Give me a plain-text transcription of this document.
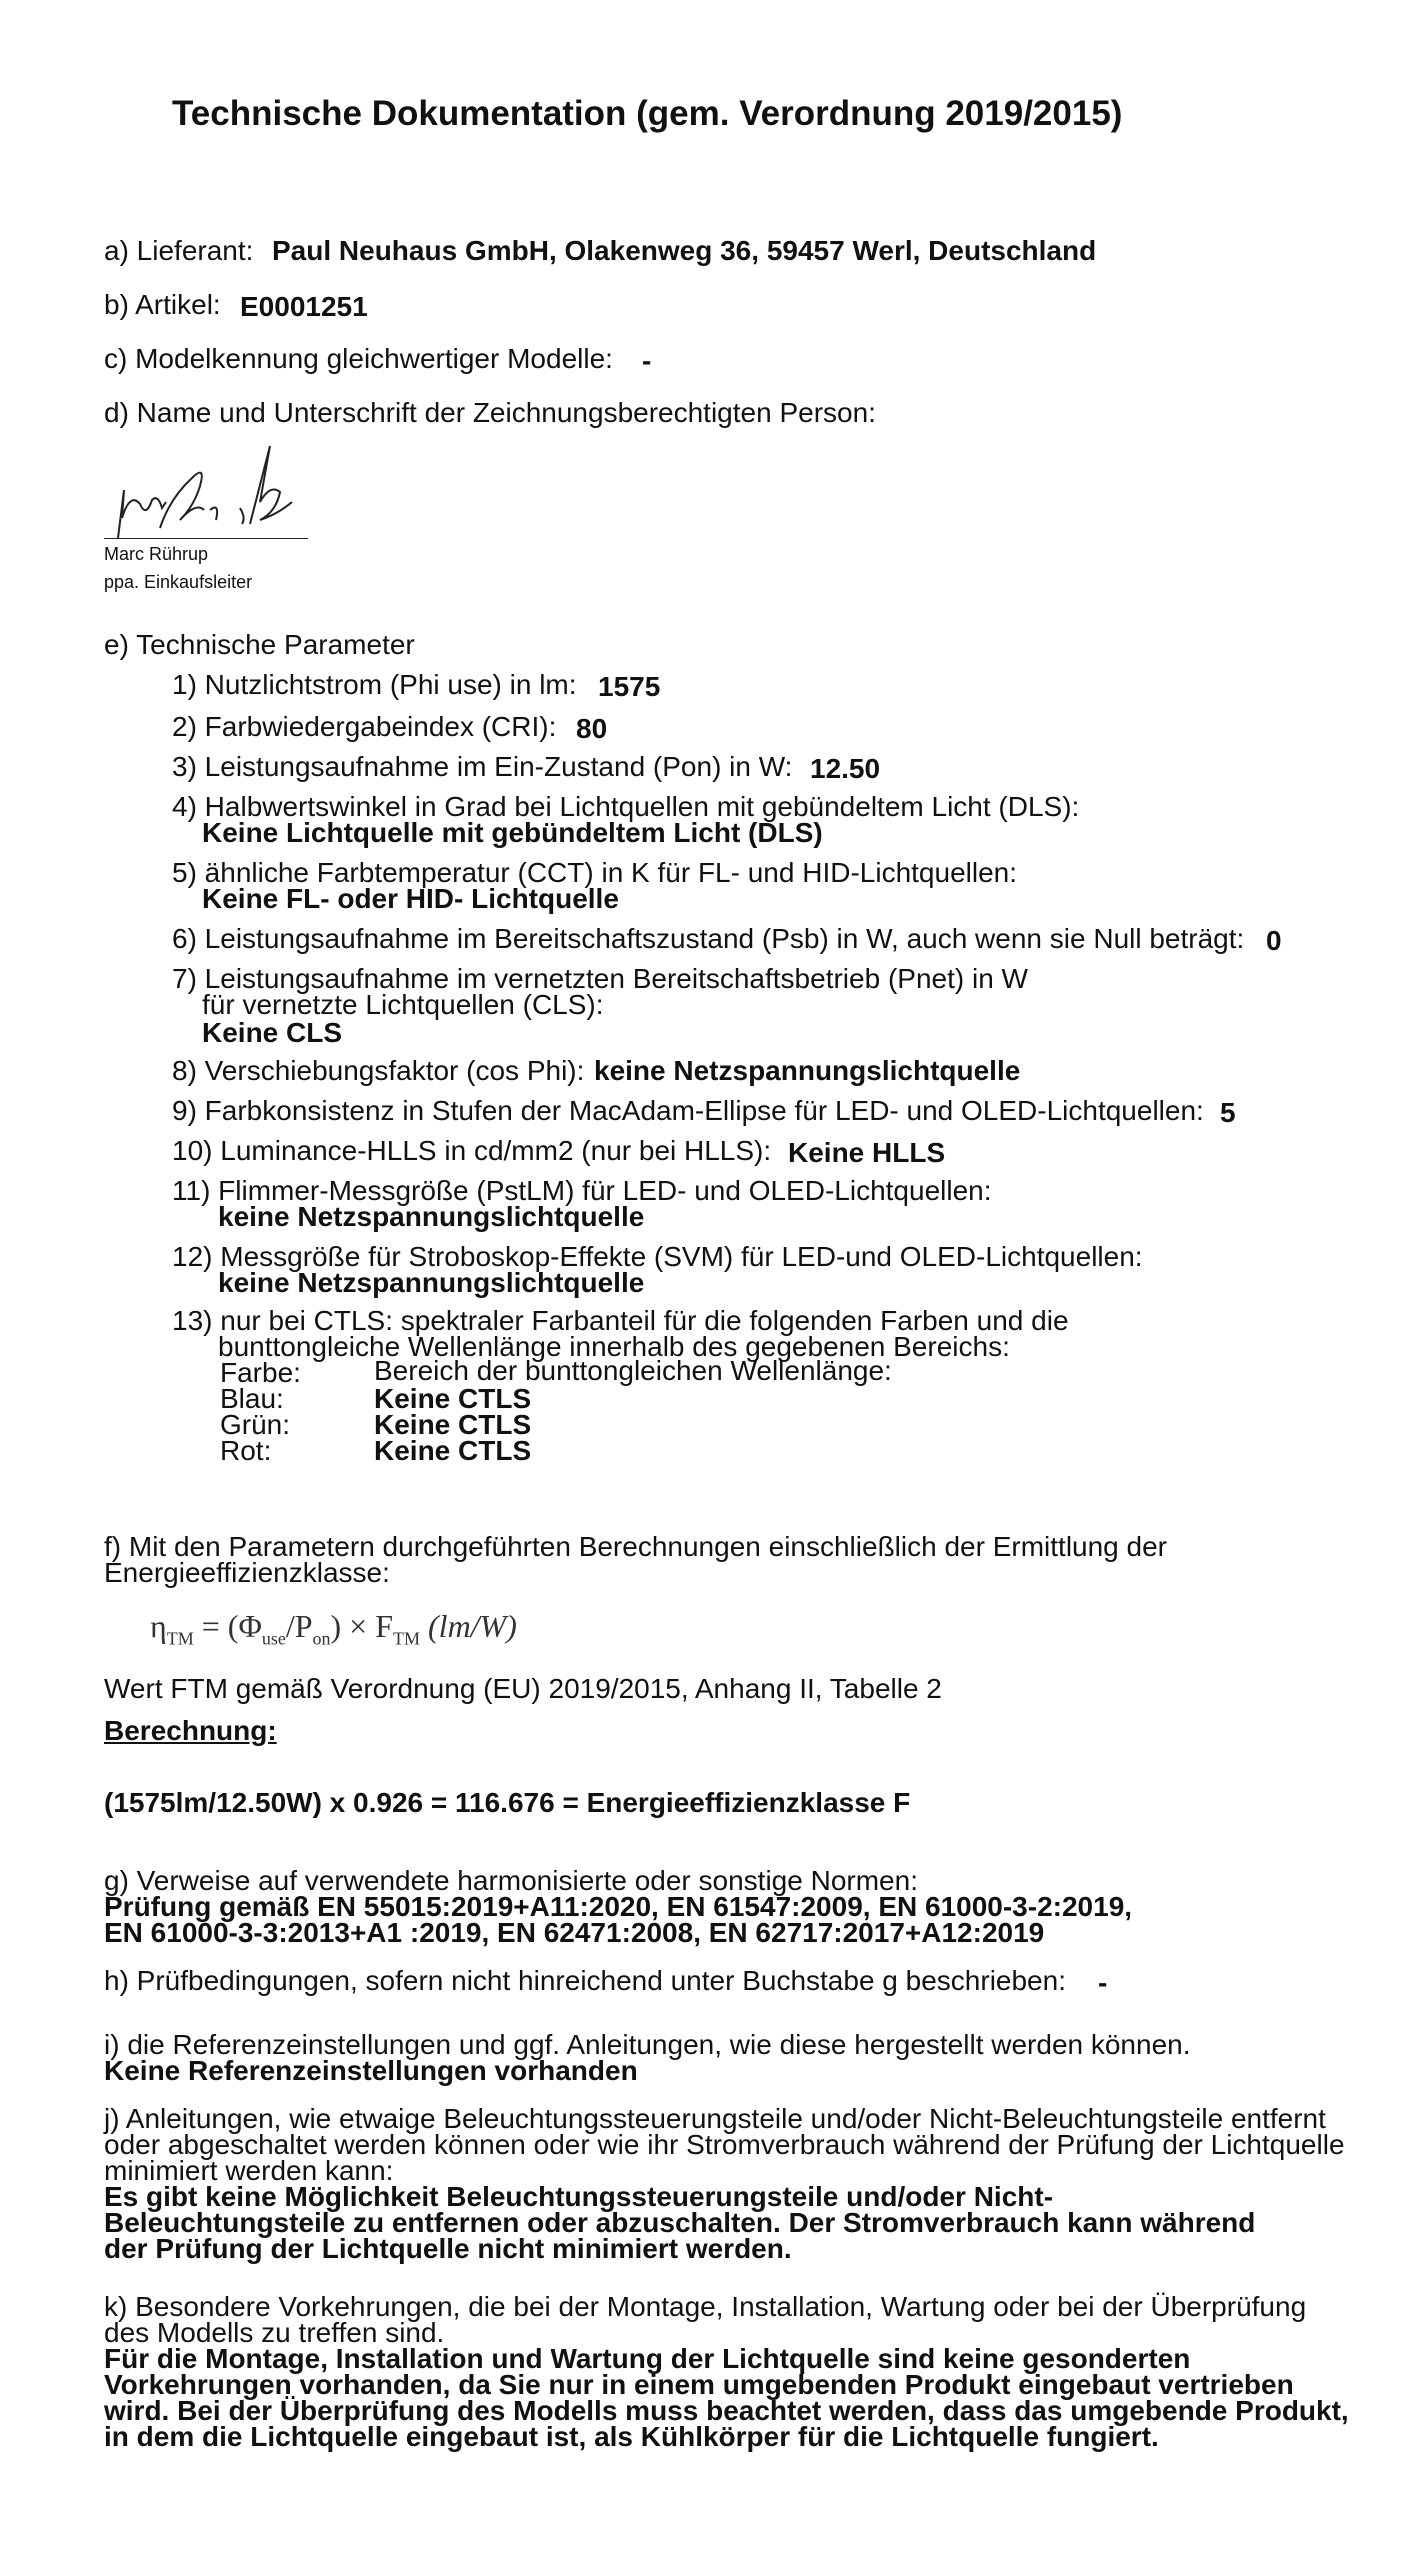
Technische Dokumentation (gem. Verordnung 2019/2015)
a) Lieferant: Paul Neuhaus GmbH, Olakenweg 36, 59457 Werl, Deutschland
b) Artikel: E0001251
c) Modelkennung gleichwertiger Modelle: -
d) Name und Unterschrift der Zeichnungsberechtigten Person:
Marc Rührup
ppa. Einkaufsleiter
e) Technische Parameter
1) Nutzlichtstrom (Phi use) in lm: 1575
2) Farbwiedergabeindex (CRI): 80
3) Leistungsaufnahme im Ein-Zustand (Pon) in W: 12.50
4) Halbwertswinkel in Grad bei Lichtquellen mit gebündeltem Licht (DLS):
Keine Lichtquelle mit gebündeltem Licht (DLS)
5) ähnliche Farbtemperatur (CCT) in K für FL- und HID-Lichtquellen:
Keine FL- oder HID- Lichtquelle
6) Leistungsaufnahme im Bereitschaftszustand (Psb) in W, auch wenn sie Null beträgt: 0
7) Leistungsaufnahme im vernetzten Bereitschaftsbetrieb (Pnet) in W
für vernetzte Lichtquellen (CLS):
Keine CLS
8) Verschiebungsfaktor (cos Phi): keine Netzspannungslichtquelle
9) Farbkonsistenz in Stufen der MacAdam-Ellipse für LED- und OLED-Lichtquellen: 5
10) Luminance-HLLS in cd/mm2 (nur bei HLLS): Keine HLLS
11) Flimmer-Messgröße (PstLM) für LED- und OLED-Lichtquellen:
keine Netzspannungslichtquelle
12) Messgröße für Stroboskop-Effekte (SVM) für LED-und OLED-Lichtquellen:
keine Netzspannungslichtquelle
13) nur bei CTLS: spektraler Farbanteil für die folgenden Farben und die
bunttongleiche Wellenlänge innerhalb des gegebenen Bereichs:
Farbe:	Bereich der bunttongleichen Wellenlänge:
Blau:	Keine CTLS
Grün:	Keine CTLS
Rot:	Keine CTLS
f) Mit den Parametern durchgeführten Berechnungen einschließlich der Ermittlung der
Energieeffizienzklasse:
$\eta_{TM} = (\Phi_{use}/P_{on}) \times F_{TM}$ (lm/W)
Wert FTM gemäß Verordnung (EU) 2019/2015, Anhang II, Tabelle 2
Berechnung:
(1575lm/12.50W) x 0.926 = 116.676 = Energieeffizienzklasse F
g) Verweise auf verwendete harmonisierte oder sonstige Normen:
Prüfung gemäß EN 55015:2019+A11:2020, EN 61547:2009, EN 61000-3-2:2019,
EN 61000-3-3:2013+A1 :2019, EN 62471:2008, EN 62717:2017+A12:2019
h) Prüfbedingungen, sofern nicht hinreichend unter Buchstabe g beschrieben: -
i) die Referenzeinstellungen und ggf. Anleitungen, wie diese hergestellt werden können.
Keine Referenzeinstellungen vorhanden
j) Anleitungen, wie etwaige Beleuchtungssteuerungsteile und/oder Nicht-Beleuchtungsteile entfernt
oder abgeschaltet werden können oder wie ihr Stromverbrauch während der Prüfung der Lichtquelle
minimiert werden kann:
Es gibt keine Möglichkeit Beleuchtungssteuerungsteile und/oder Nicht-
Beleuchtungsteile zu entfernen oder abzuschalten. Der Stromverbrauch kann während
der Prüfung der Lichtquelle nicht minimiert werden.
k) Besondere Vorkehrungen, die bei der Montage, Installation, Wartung oder bei der Überprüfung
des Modells zu treffen sind.
Für die Montage, Installation und Wartung der Lichtquelle sind keine gesonderten
Vorkehrungen vorhanden, da Sie nur in einem umgebenden Produkt eingebaut vertrieben
wird. Bei der Überprüfung des Modells muss beachtet werden, dass das umgebende Produkt,
in dem die Lichtquelle eingebaut ist, als Kühlkörper für die Lichtquelle fungiert.
